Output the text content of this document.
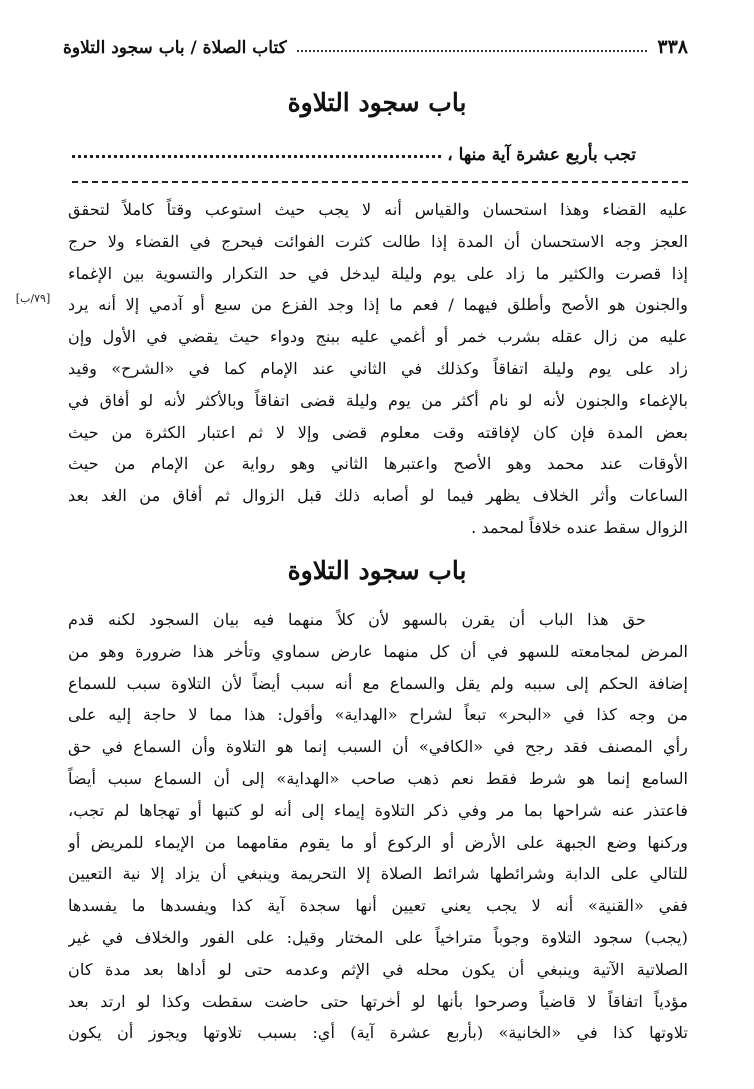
٣٣٨
كتاب الصلاة / باب سجود التلاوة
باب سجود التلاوة
تجب بأربع عشرة آية منها ،
عليه القضاء وهذا استحسان والقياس أنه لا يجب حيث استوعب وقتاً كاملاً لتحقق
العجز وجه الاستحسان أن المدة إذا طالت كثرت الفوائت فيحرج في القضاء ولا حرج
إذا قصرت والكثير ما زاد على يوم وليلة ليدخل في حد التكرار والتسوية بين الإغماء
والجنون هو الأصح وأطلق فيهما / فعم ما إذا وجد الفزع من سبع أو آدمي إلا أنه يرد
عليه من زال عقله بشرب خمر أو أغمي عليه ببنج ودواء حيث يقضي في الأول وإن
زاد على يوم وليلة اتفاقاً وكذلك في الثاني عند الإمام كما في «الشرح» وقيد
بالإغماء والجنون لأنه لو نام أكثر من يوم وليلة قضى اتفاقاً وبالأكثر لأنه لو أفاق في
بعض المدة فإن كان لإفاقته وقت معلوم قضى وإلا لا ثم اعتبار الكثرة من حيث
الأوقات عند محمد وهو الأصح واعتبرها الثاني وهو رواية عن الإمام من حيث
الساعات وأثر الخلاف يظهر فيما لو أصابه ذلك قبل الزوال ثم أفاق من الغد بعد
الزوال سقط عنده خلافاً لمحمد .
[٧٩/ب]
باب سجود التلاوة
حق هذا الباب أن يقرن بالسهو لأن كلاً منهما فيه بيان السجود لكنه قدم
المرض لمجامعته للسهو في أن كل منهما عارض سماوي وتأخر هذا ضرورة وهو من
إضافة الحكم إلى سببه ولم يقل والسماع مع أنه سبب أيضاً لأن التلاوة سبب للسماع
من وجه كذا في «البحر» تبعاً لشراح «الهداية» وأقول: هذا مما لا حاجة إليه على
رأي المصنف فقد رجح في «الكافي» أن السبب إنما هو التلاوة وأن السماع في حق
السامع إنما هو شرط فقط نعم ذهب صاحب «الهداية» إلى أن السماع سبب أيضاً
فاعتذر عنه شراحها بما مر وفي ذكر التلاوة إيماء إلى أنه لو كتبها أو تهجاها لم تجب،
وركنها وضع الجبهة على الأرض أو الركوع أو ما يقوم مقامهما من الإيماء للمريض أو
للتالي على الدابة وشرائطها شرائط الصلاة إلا التحريمة وينبغي أن يزاد إلا نية التعيين
ففي «القنية» أنه لا يجب يعني تعيين أنها سجدة آية كذا ويفسدها ما يفسدها
(يجب) سجود التلاوة وجوباً متراخياً على المختار وقيل: على الفور والخلاف في غير
الصلاتية الآتية وينبغي أن يكون محله في الإثم وعدمه حتى لو أداها بعد مدة كان
مؤدياً اتفاقاً لا قاضياً وصرحوا بأنها لو أخرتها حتى حاضت سقطت وكذا لو ارتد بعد
تلاوتها كذا في «الخانية» (بأربع عشرة آية) أي: بسبب تلاوتها ويجوز أن يكون
